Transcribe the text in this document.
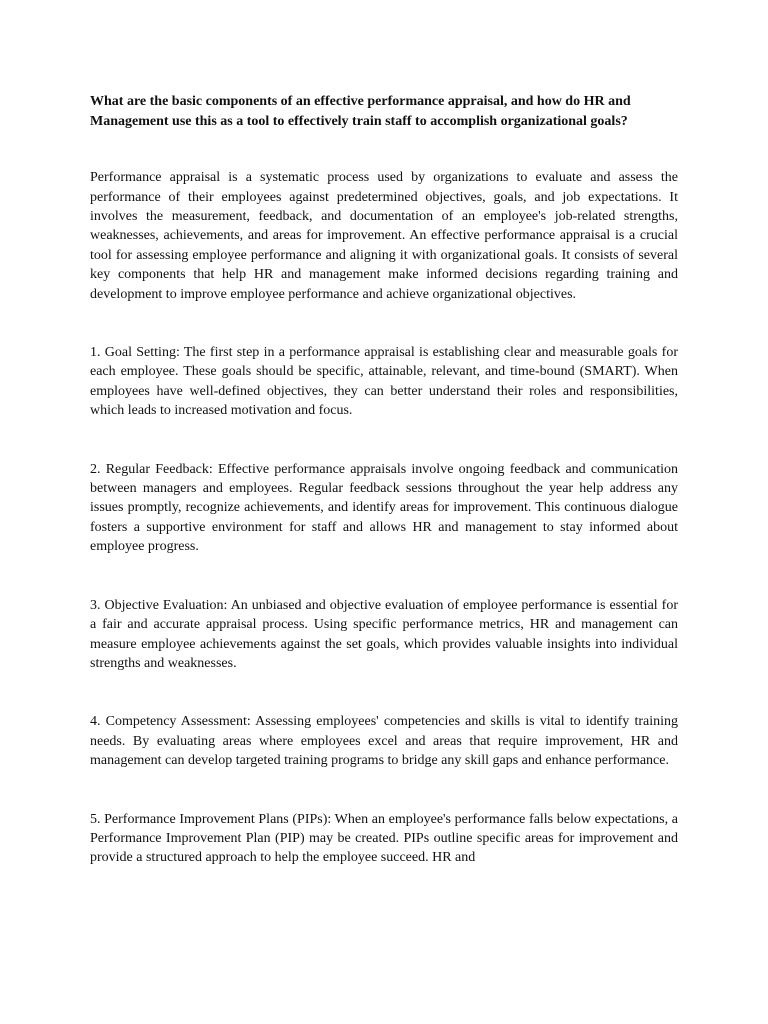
What are the basic components of an effective performance appraisal, and how do HR and Management use this as a tool to effectively train staff to accomplish organizational goals?

Performance appraisal is a systematic process used by organizations to evaluate and assess the performance of their employees against predetermined objectives, goals, and job expectations. It involves the measurement, feedback, and documentation of an employee's job-related strengths, weaknesses, achievements, and areas for improvement. An effective performance appraisal is a crucial tool for assessing employee performance and aligning it with organizational goals. It consists of several key components that help HR and management make informed decisions regarding training and development to improve employee performance and achieve organizational objectives.

1. Goal Setting: The first step in a performance appraisal is establishing clear and measurable goals for each employee. These goals should be specific, attainable, relevant, and time-bound (SMART). When employees have well-defined objectives, they can better understand their roles and responsibilities, which leads to increased motivation and focus.

2. Regular Feedback: Effective performance appraisals involve ongoing feedback and communication between managers and employees. Regular feedback sessions throughout the year help address any issues promptly, recognize achievements, and identify areas for improvement. This continuous dialogue fosters a supportive environment for staff and allows HR and management to stay informed about employee progress.

3. Objective Evaluation: An unbiased and objective evaluation of employee performance is essential for a fair and accurate appraisal process. Using specific performance metrics, HR and management can measure employee achievements against the set goals, which provides valuable insights into individual strengths and weaknesses.

4. Competency Assessment: Assessing employees' competencies and skills is vital to identify training needs. By evaluating areas where employees excel and areas that require improvement, HR and management can develop targeted training programs to bridge any skill gaps and enhance performance.

5. Performance Improvement Plans (PIPs): When an employee's performance falls below expectations, a Performance Improvement Plan (PIP) may be created. PIPs outline specific areas for improvement and provide a structured approach to help the employee succeed. HR and
